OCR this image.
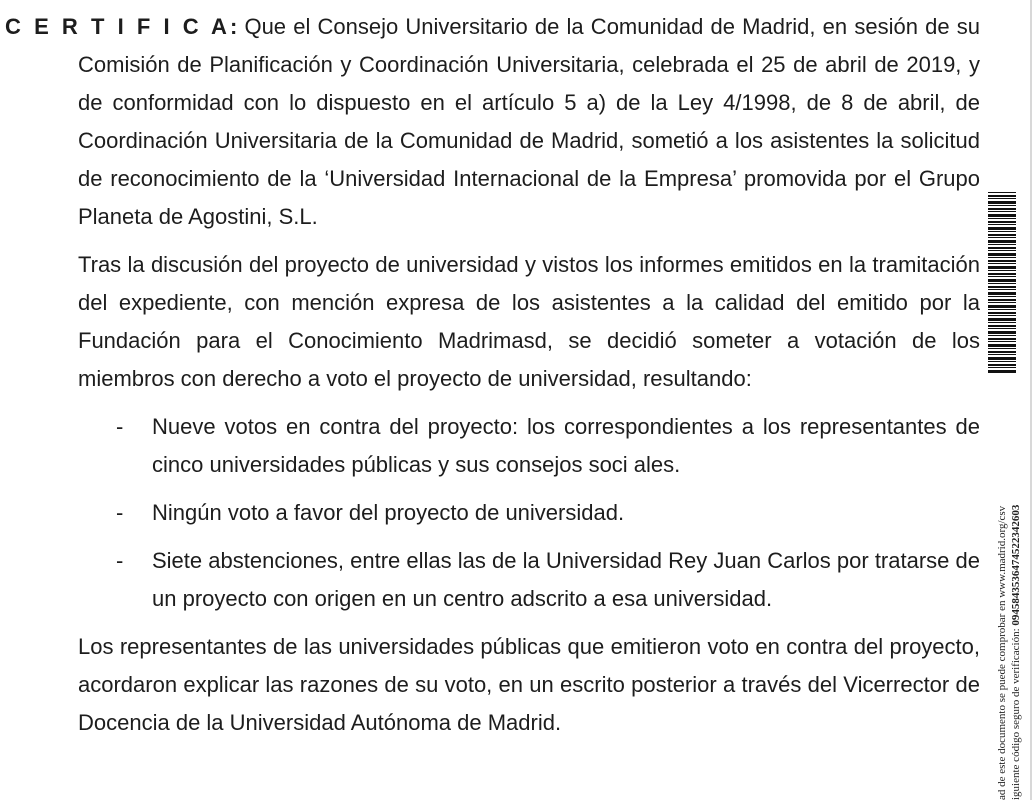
C E R T I F I C A: Que el Consejo Universitario de la Comunidad de Madrid, en sesión de su Comisión de Planificación y Coordinación Universitaria, celebrada el 25 de abril de 2019, y de conformidad con lo dispuesto en el artículo 5 a) de la Ley 4/1998, de 8 de abril, de Coordinación Universitaria de la Comunidad de Madrid, sometió a los asistentes la solicitud de reconocimiento de la ‘Universidad Internacional de la Empresa’ promovida por el Grupo Planeta de Agostini, S.L.

Tras la discusión del proyecto de universidad y vistos los informes emitidos en la tramitación del expediente, con mención expresa de los asistentes a la calidad del emitido por la Fundación para el Conocimiento Madrimasd, se decidió someter a votación de los miembros con derecho a voto el proyecto de universidad, resultando:

- Nueve votos en contra del proyecto: los correspondientes a los representantes de cinco universidades públicas y sus consejos soci ales.
- Ningún voto a favor del proyecto de universidad.
- Siete abstenciones, entre ellas las de la Universidad Rey Juan Carlos por tratarse de un proyecto con origen en un centro adscrito a esa universidad.

Los representantes de las universidades públicas que emitieron voto en contra del proyecto, acordaron explicar las razones de su voto, en un escrito posterior a través del Vicerrector de Docencia de la Universidad Autónoma de Madrid.	ad de este documento se puede comprobar en www.madrid.org/csv iguiente código seguro de verificación: 0945843536474522342603
